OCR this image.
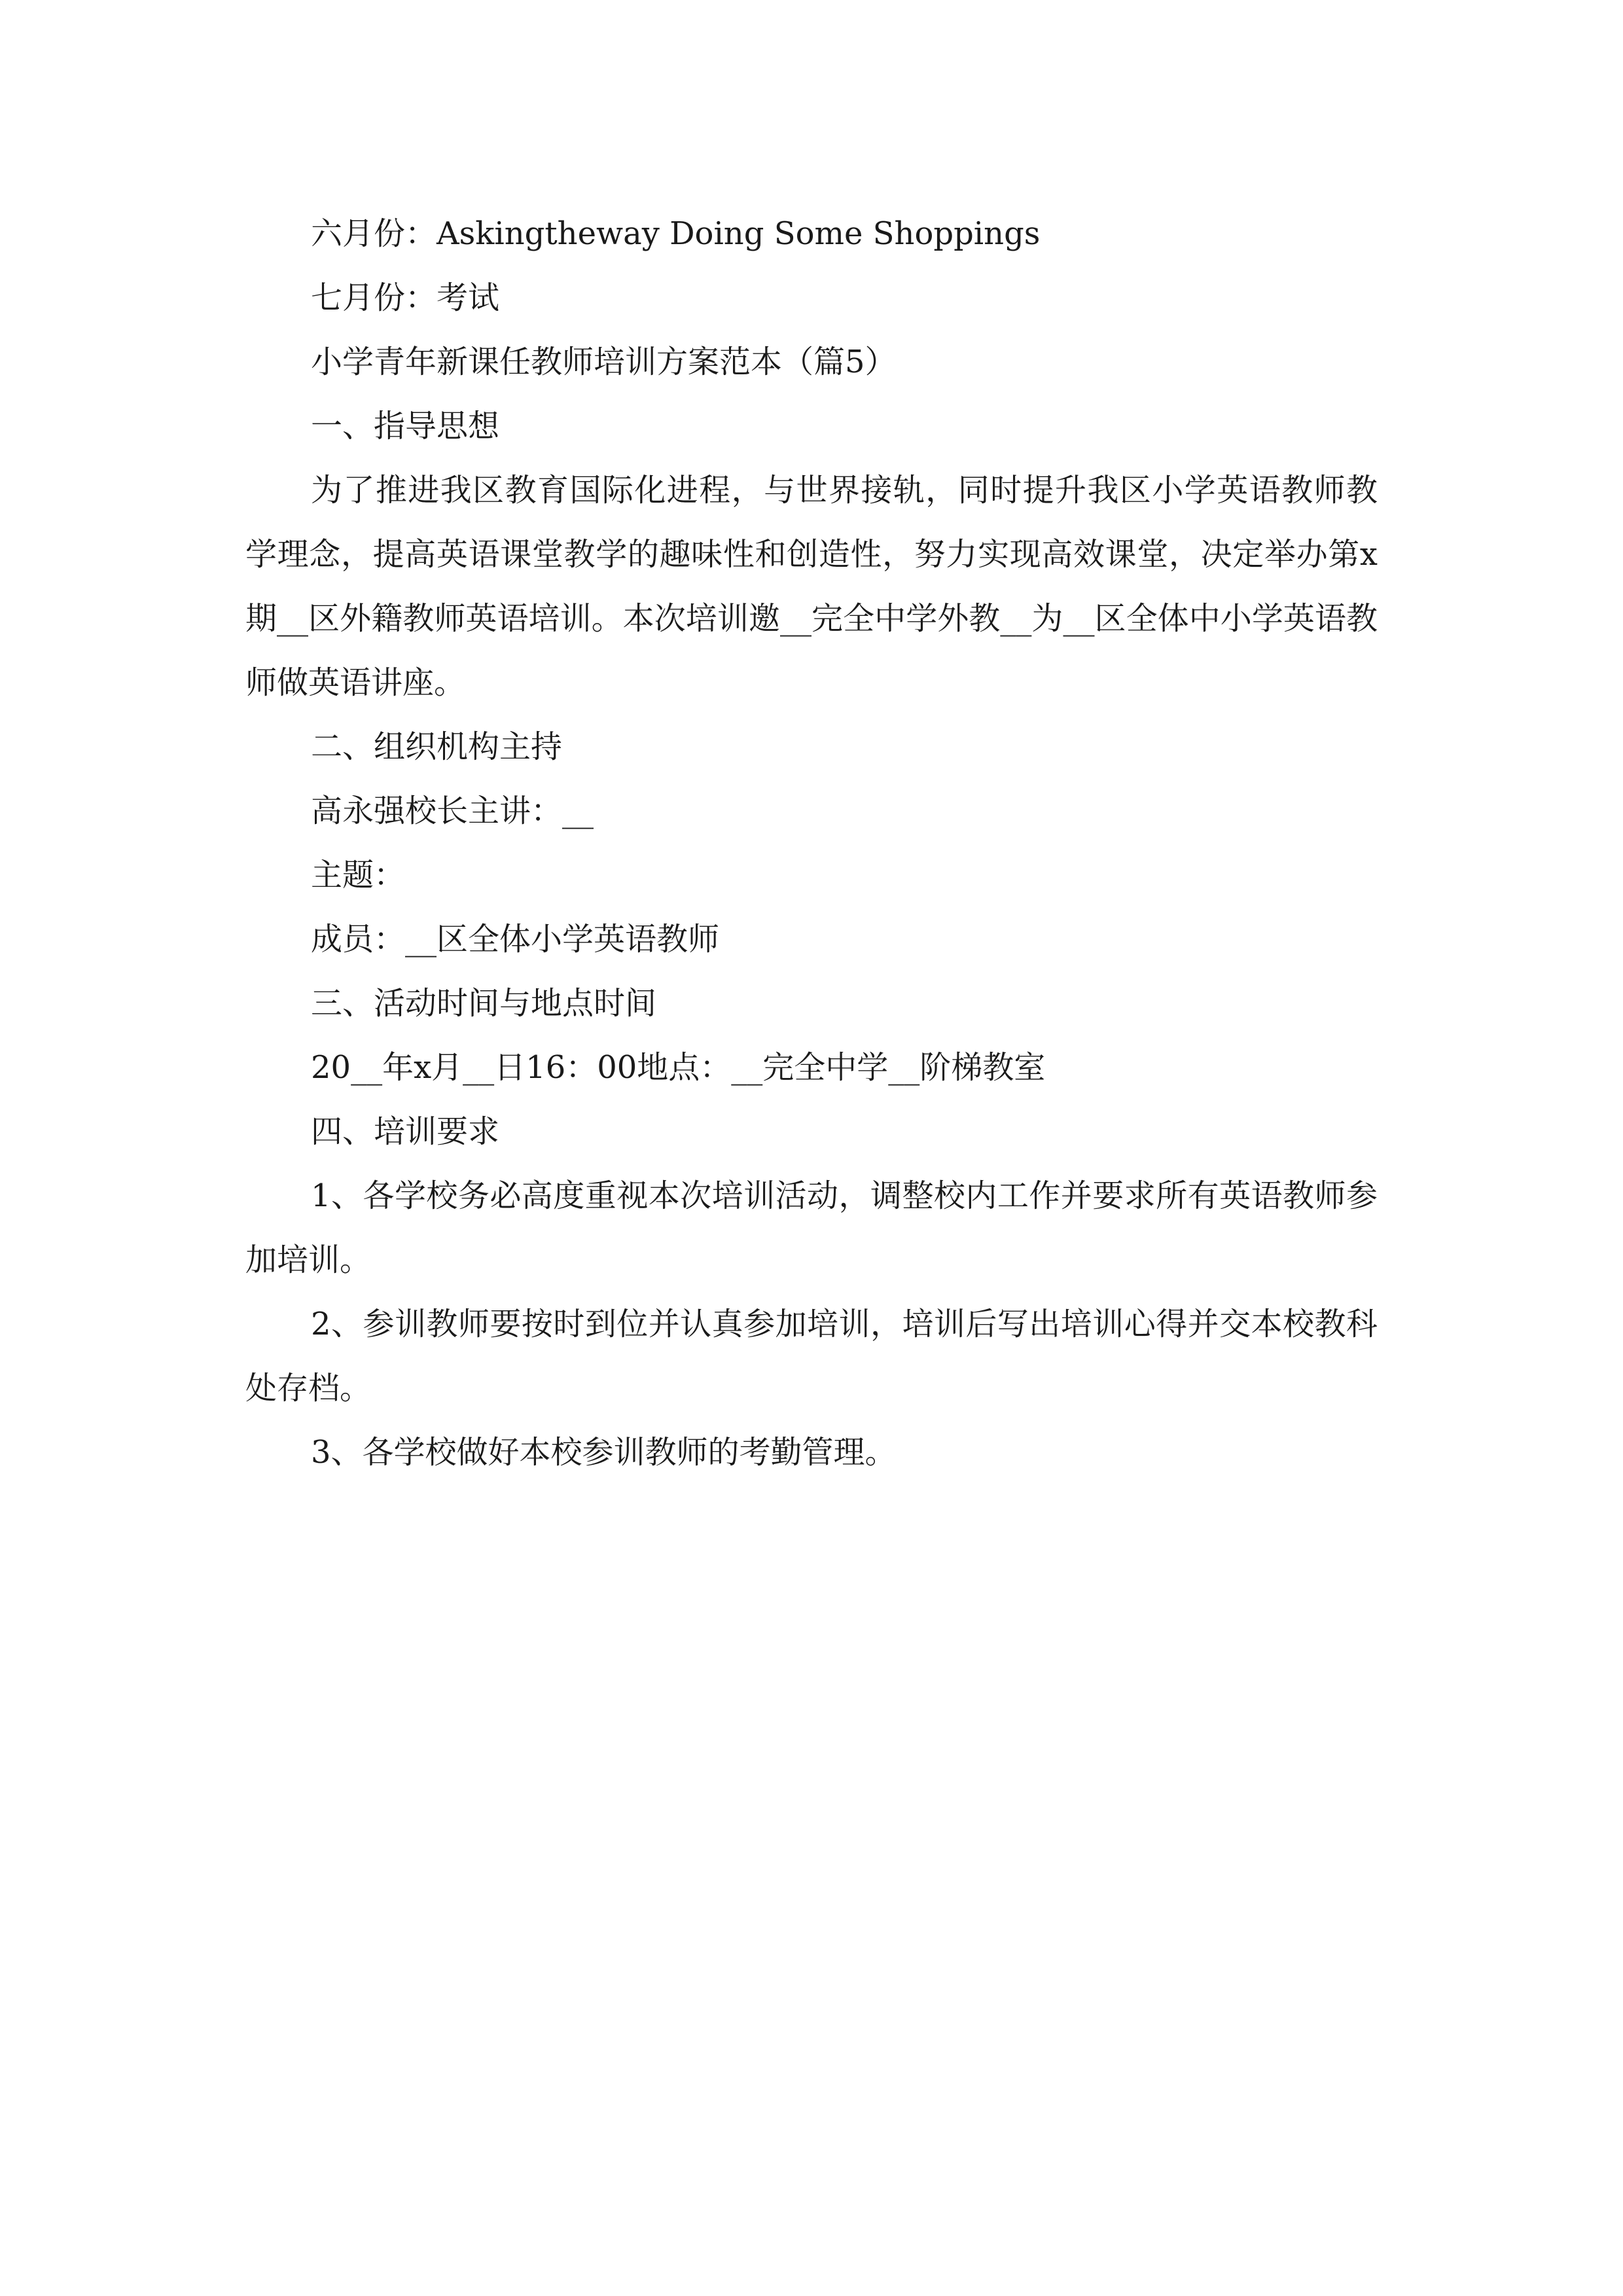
六月份：Askingtheway Doing Some Shoppings

七月份：考试

小学青年新课任教师培训方案范本（篇5）

一、指导思想

为了推进我区教育国际化进程，与世界接轨，同时提升我区小学英语教师教学理念，提高英语课堂教学的趣味性和创造性，努力实现高效课堂，决定举办第x期__区外籍教师英语培训。本次培训邀__完全中学外教__为__区全体中小学英语教师做英语讲座。

二、组织机构主持

高永强校长主讲：__

主题：

成员：__区全体小学英语教师

三、活动时间与地点时间

20__年x月__日16：00地点：__完全中学__阶梯教室

四、培训要求

1、各学校务必高度重视本次培训活动，调整校内工作并要求所有英语教师参加培训。

2、参训教师要按时到位并认真参加培训，培训后写出培训心得并交本校教科处存档。

3、各学校做好本校参训教师的考勤管理。
